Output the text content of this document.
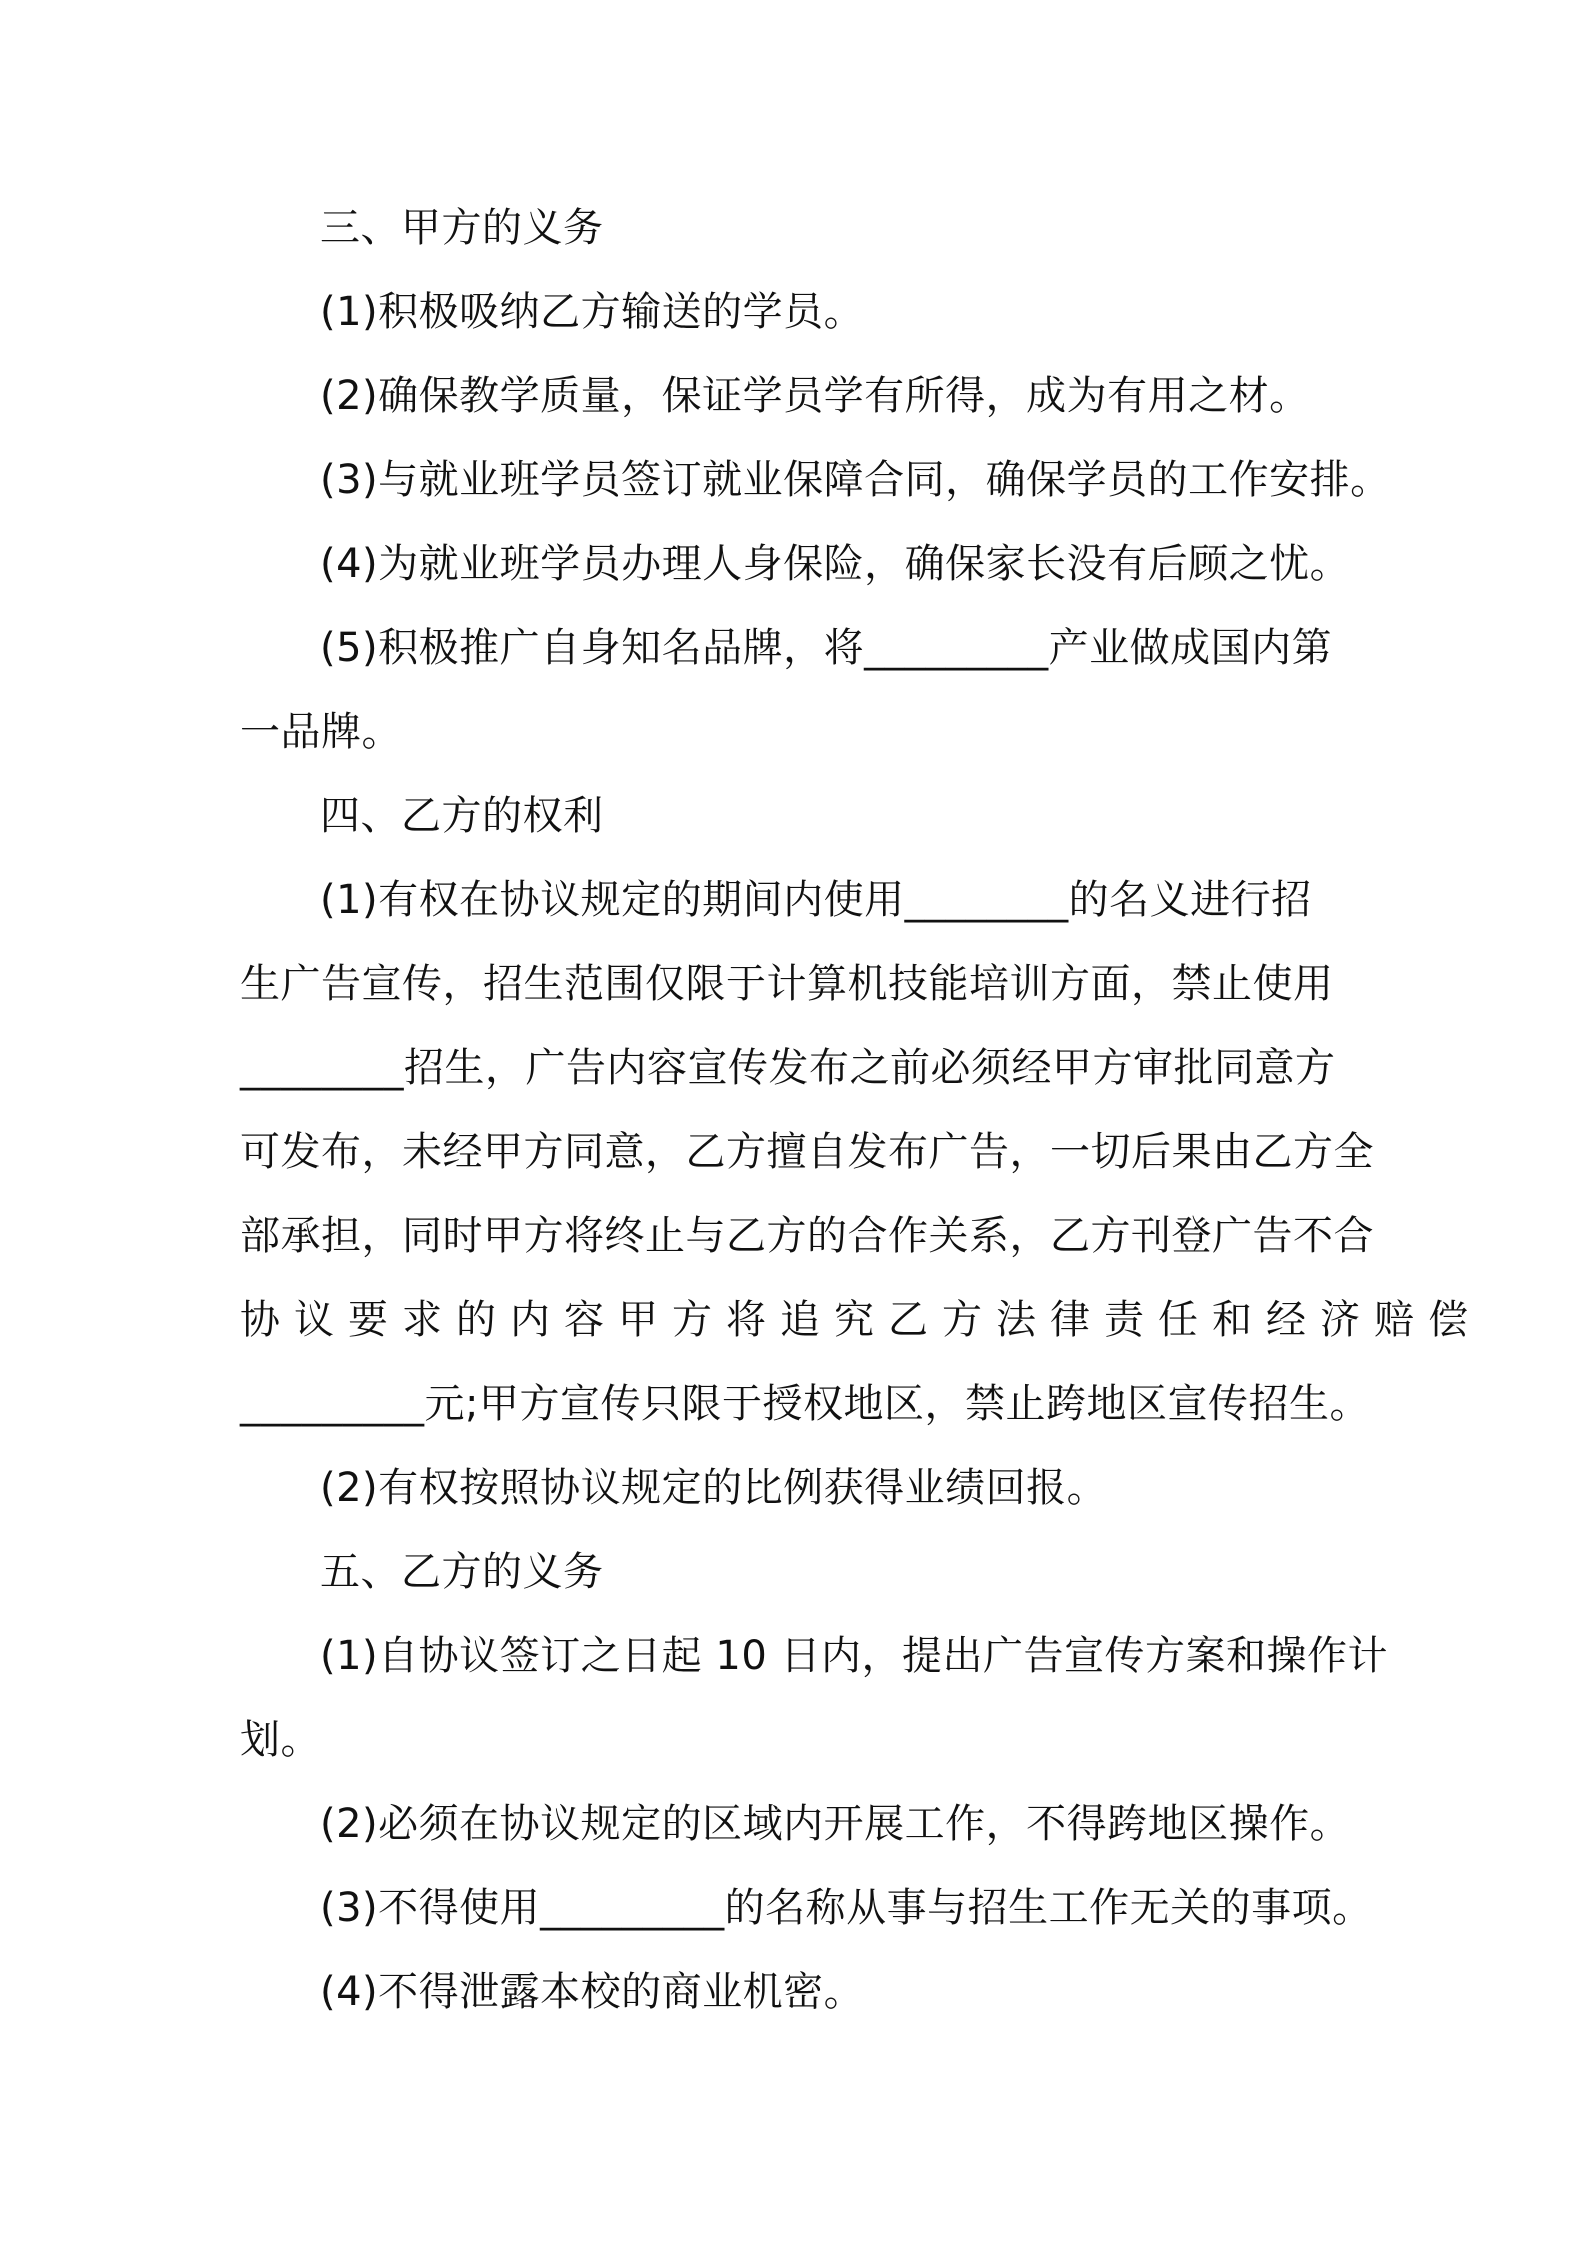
三、甲方的义务
(1)积极吸纳乙方输送的学员。
(2)确保教学质量，保证学员学有所得，成为有用之材。
(3)与就业班学员签订就业保障合同，确保学员的工作安排。
(4)为就业班学员办理人身保险，确保家长没有后顾之忧。
(5)积极推广自身知名品牌，将_________产业做成国内第
一品牌。
四、乙方的权利
(1)有权在协议规定的期间内使用________的名义进行招
生广告宣传，招生范围仅限于计算机技能培训方面，禁止使用
________招生，广告内容宣传发布之前必须经甲方审批同意方
可发布，未经甲方同意，乙方擅自发布广告，一切后果由乙方全
部承担，同时甲方将终止与乙方的合作关系，乙方刊登广告不合
协议要求的内容甲方将追究乙方法律责任和经济赔偿
_________元;甲方宣传只限于授权地区，禁止跨地区宣传招生。
(2)有权按照协议规定的比例获得业绩回报。
五、乙方的义务
(1)自协议签订之日起 10 日内，提出广告宣传方案和操作计
划。
(2)必须在协议规定的区域内开展工作，不得跨地区操作。
(3)不得使用_________的名称从事与招生工作无关的事项。
(4)不得泄露本校的商业机密。
